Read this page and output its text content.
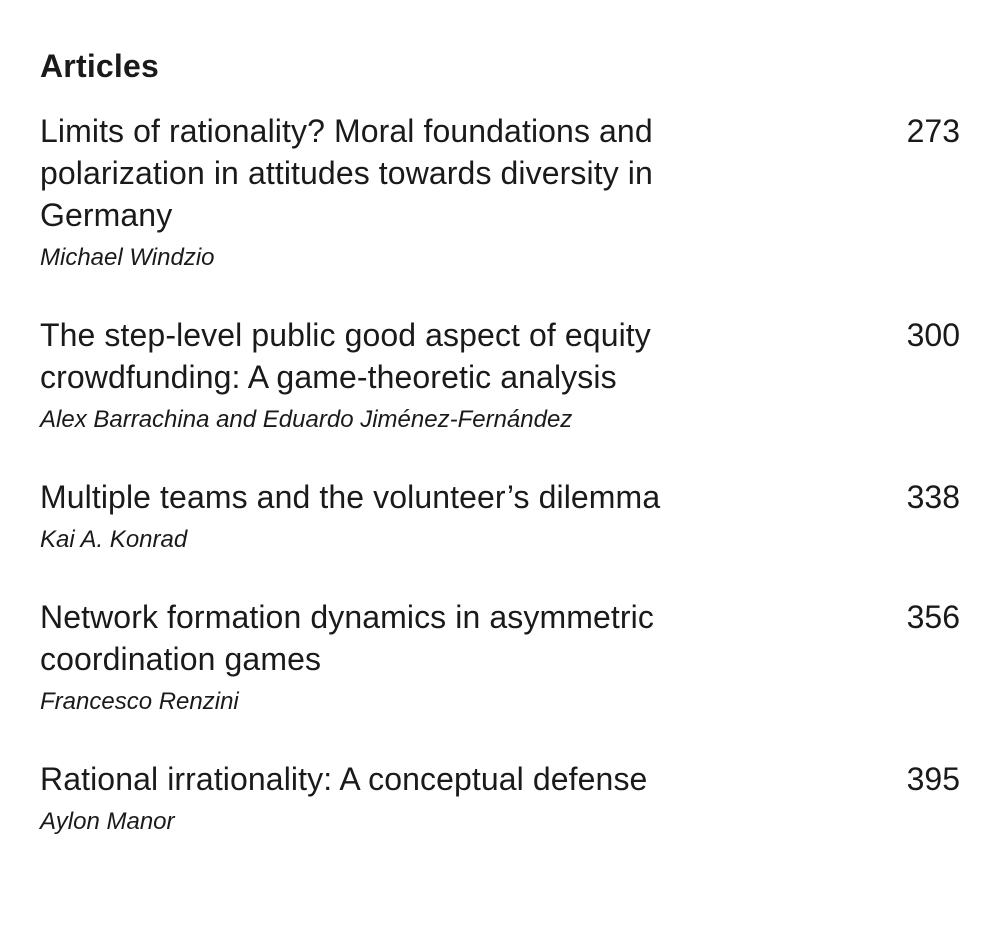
Articles
Limits of rationality? Moral foundations and polarization in attitudes towards diversity in Germany
273
Michael Windzio
The step-level public good aspect of equity crowdfunding: A game-theoretic analysis
300
Alex Barrachina and Eduardo Jiménez-Fernández
Multiple teams and the volunteer’s dilemma	338
Kai A. Konrad
Network formation dynamics in asymmetric coordination games
356
Francesco Renzini
Rational irrationality: A conceptual defense	395
Aylon Manor
